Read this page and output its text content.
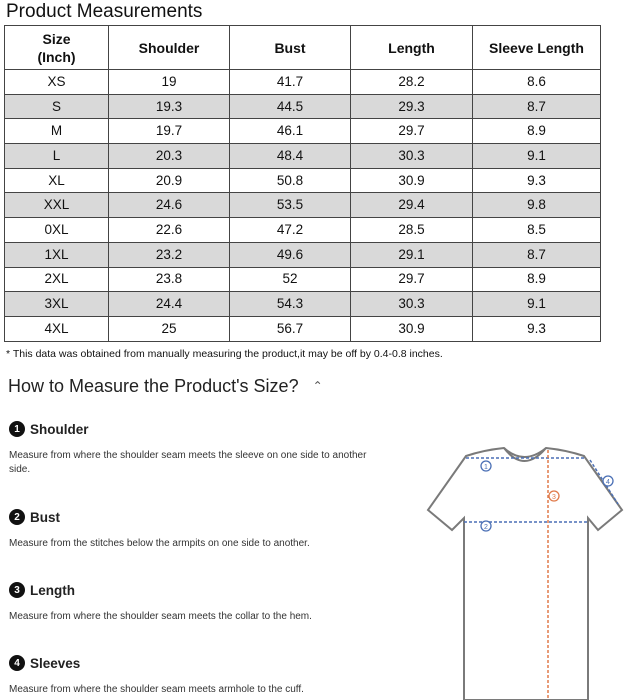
Product Measurements
Size
(Inch)	Shoulder	Bust	Length	Sleeve Length
XS	19	41.7	28.2	8.6
S	19.3	44.5	29.3	8.7
M	19.7	46.1	29.7	8.9
L	20.3	48.4	30.3	9.1
XL	20.9	50.8	30.9	9.3
XXL	24.6	53.5	29.4	9.8
0XL	22.6	47.2	28.5	8.5
1XL	23.2	49.6	29.1	8.7
2XL	23.8	52	29.7	8.9
3XL	24.4	54.3	30.3	9.1
4XL	25	56.7	30.9	9.3
* This data was obtained from manually measuring the product,it may be off by 0.4-0.8 inches.
How to Measure the Product's Size? ⌃
1 Shoulder
Measure from where the shoulder seam meets the sleeve on one side to another side.
2 Bust
Measure from the stitches below the armpits on one side to another.
3 Length
Measure from where the shoulder seam meets the collar to the hem.
4 Sleeves
Measure from where the shoulder seam meets armhole to the cuff.
1
2
3
4
